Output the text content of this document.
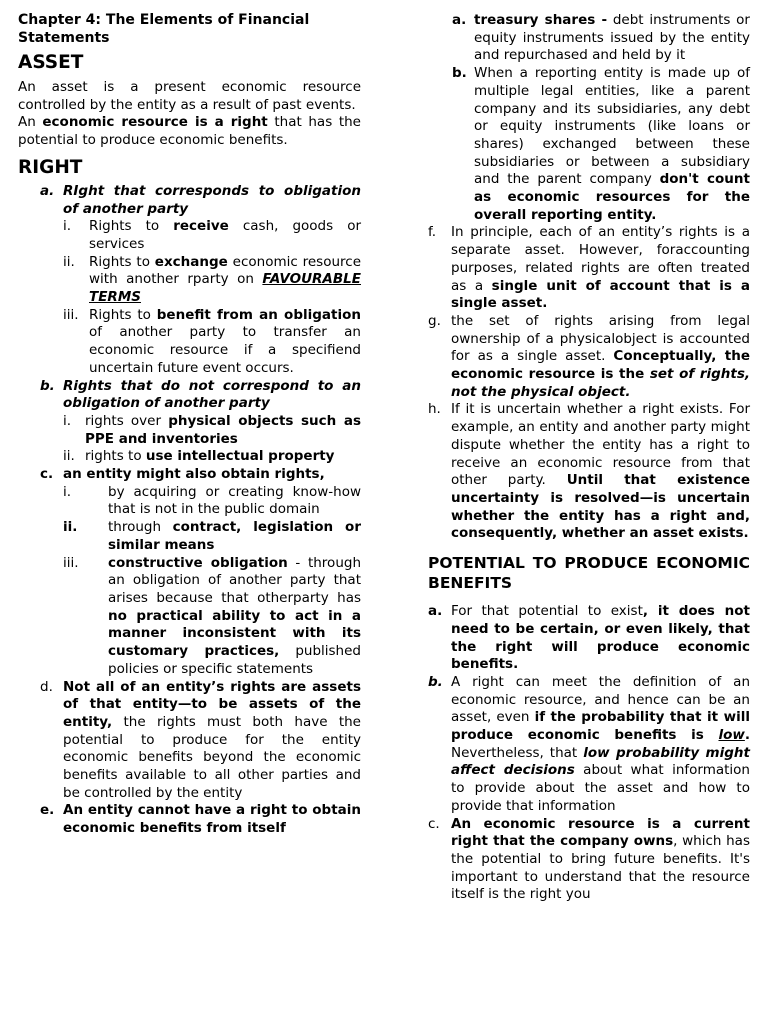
Chapter 4: The Elements of Financial Statements
ASSET

An asset is a present economic resource controlled by the entity as a result of past events.

An economic resource is a right that has the potential to produce economic benefits.

RIGHT
a. RIght that corresponds to obligation of another party
i.	Rights to receive cash, goods or services
ii.	Rights to exchange economic resource with another rparty on FAVOURABLE TERMS
iii. Rights to benefit from an obligation of another party to transfer an economic resource if a specifiend uncertain future event occurs.
b. Rights that do not correspond to an obligation of another party
i.	rights over physical objects such as PPE and inventories
ii. rights to use intellectual property
c. an entity might also obtain rights,
i.	by acquiring or creating know-how that is not in the public domain
ii.	through contract, legislation or similar means
iii.	constructive obligation - through an obligation of another party that arises because that otherparty has no practical ability to act in a manner inconsistent with its customary practices, published policies or specific statements
d. Not all of an entity’s rights are assets of that entity—to be assets of the entity, the rights must both have the potential to produce for the entity economic benefits beyond the economic benefits available to all other parties and be controlled by the entity
e. An entity cannot have a right to obtain economic benefits from itself
a. treasury shares - debt instruments or equity instruments issued by the entity and repurchased and held by it
b. When a reporting entity is made up of multiple legal entities, like a parent company and its subsidiaries, any debt or equity instruments (like loans or shares) exchanged between these subsidiaries or between a subsidiary and the parent company don't count as economic resources for the overall reporting entity.
f.	In principle, each of an entity’s rights is a separate asset. However, foraccounting purposes, related rights are often treated as a single unit of account that is a single asset.
g. the set of rights arising from legal ownership of a physicalobject is accounted for as a single asset. Conceptually, the economic resource is the set of rights, not the physical object.
h. If it is uncertain whether a right exists. For example, an entity and another party might dispute whether the entity has a right to receive an economic resource from that other party. Until that existence uncertainty is resolved—is uncertain whether the entity has a right and, consequently, whether an asset exists.
POTENTIAL TO PRODUCE ECONOMIC BENEFITS
a. For that potential to exist, it does not need to be certain, or even likely, that the right will produce economic benefits.
b. A right can meet the definition of an economic resource, and hence can be an asset, even if the probability that it will produce economic benefits is low. Nevertheless, that low probability might affect decisions about what information to provide about the asset and how to provide that information
c. An economic resource is a current right that the company owns, which has the potential to bring future benefits. It's important to understand that the resource itself is the right you
